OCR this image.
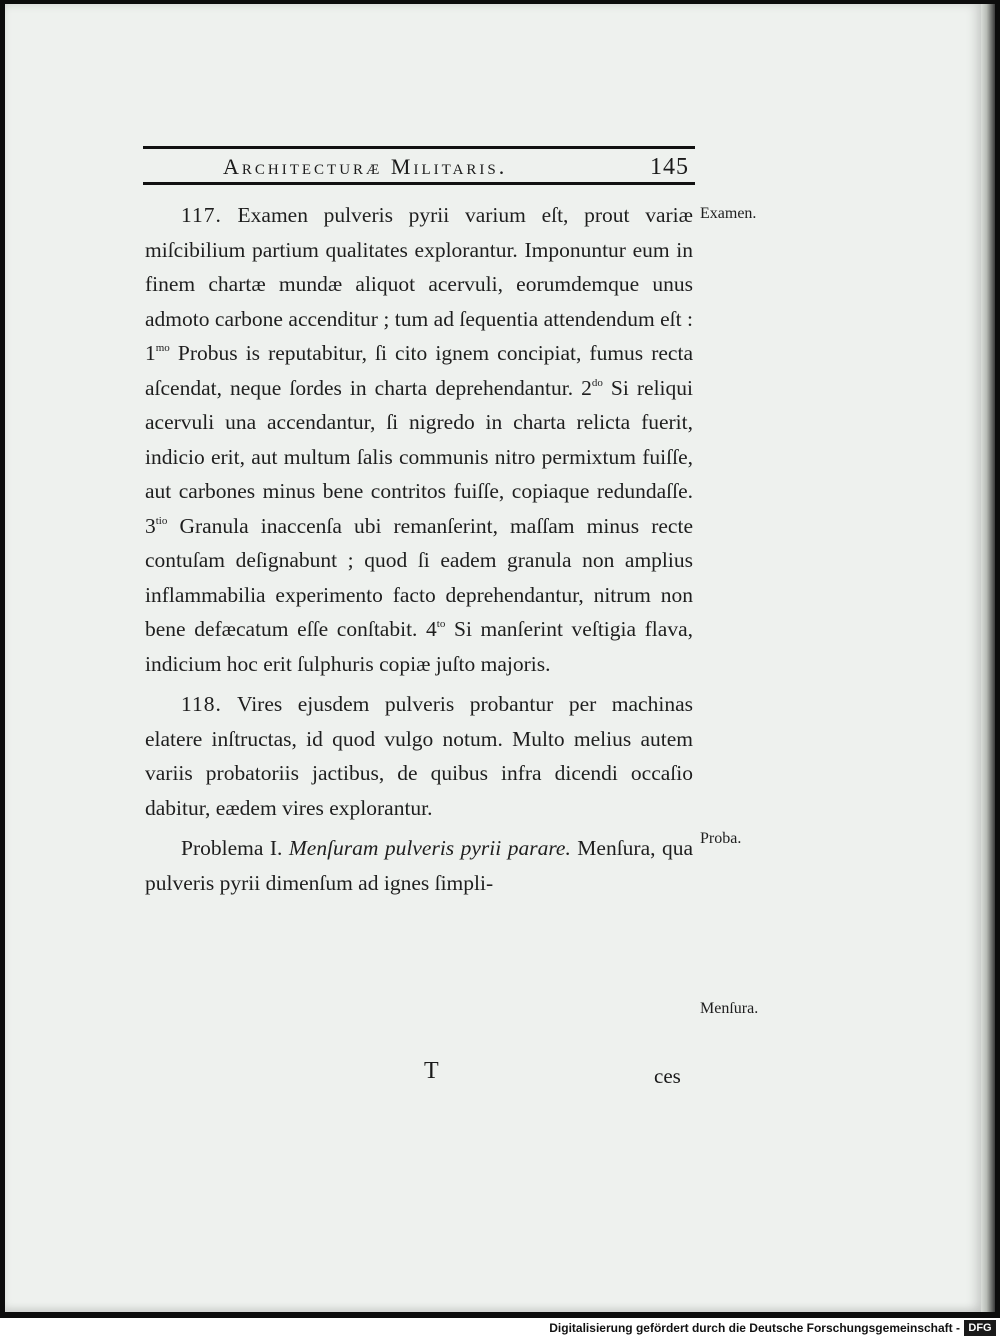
Architecturæ Militaris.	145

117. Examen pulveris pyrii varium eſt, prout variæ miſcibilium partium qualitates explorantur. Imponuntur eum in finem chartæ mundæ aliquot acervuli, eorumdemque unus admoto carbone accenditur ; tum ad ſequentia attendendum eſt : $1^{mo}$ Probus is reputabitur, ſi cito ignem concipiat, fumus recta aſcendat, neque ſordes in charta deprehendantur. $2^{do}$ Si reliqui acervuli una accendantur, ſi nigredo in charta relicta fuerit, indicio erit, aut multum ſalis communis nitro permixtum fuiſſe, aut carbones minus bene contritos fuiſſe, copiaque redundaſſe. $3^{tio}$ Granula inaccenſa ubi remanſerint, maſſam minus recte contuſam deſignabunt ; quod ſi eadem granula non amplius inflammabilia experimento facto deprehendantur, nitrum non bene defæcatum eſſe conſtabit. $4^{to}$ Si manſerint veſtigia flava, indicium hoc erit ſulphuris copiæ juſto majoris.

118. Vires ejusdem pulveris probantur per machinas elatere inſtructas, id quod vulgo notum. Multo melius autem variis probatoriis jactibus, de quibus infra dicendi occaſio dabitur, eædem vires explorantur.

Problema I. Menſuram pulveris pyrii parare. Menſura, qua pulveris pyrii dimenſum ad ignes ſimpli-

Examen.
Proba.
Menſura.
T	ces
Digitalisierung gefördert durch die Deutsche Forschungsgemeinschaft - DFG
